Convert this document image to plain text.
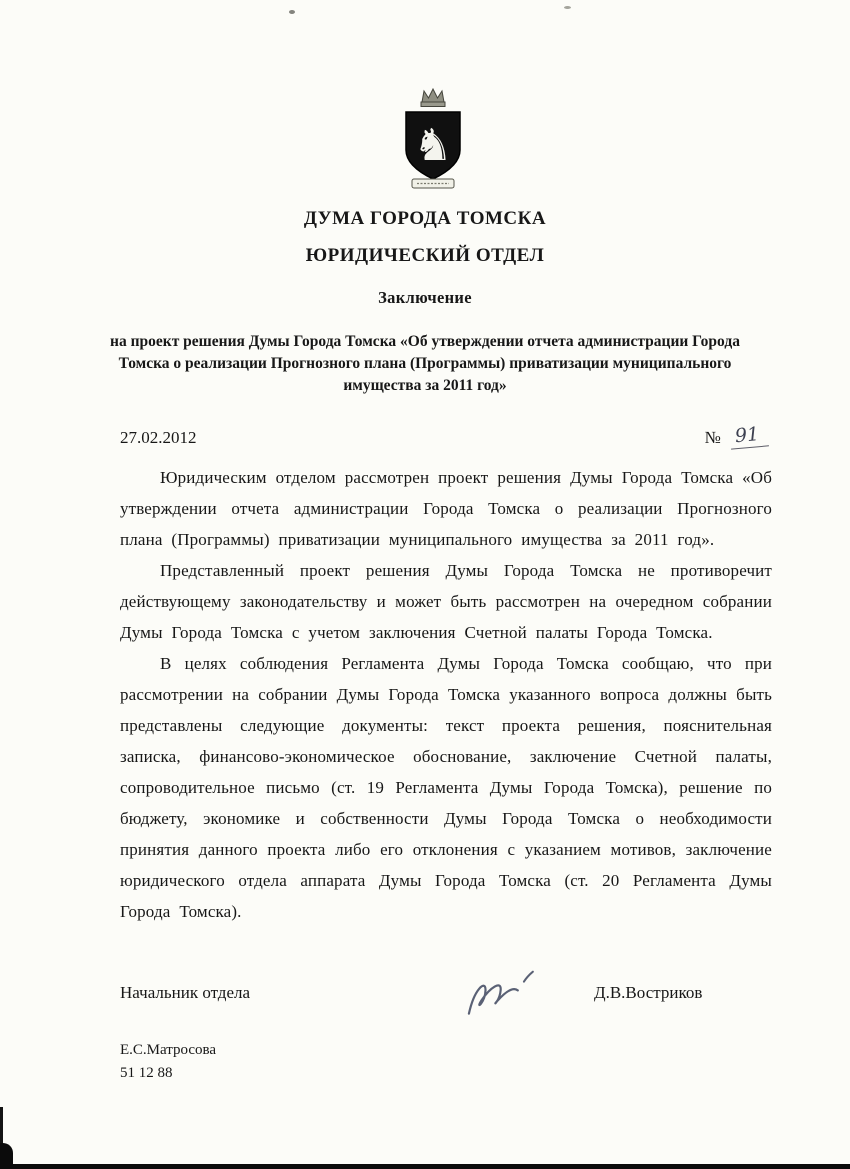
♞
ДУМА ГОРОДА ТОМСКА
ЮРИДИЧЕСКИЙ ОТДЕЛ
Заключение
на проект решения Думы Города Томска «Об утверждении отчета администрации Города Томска о реализации Прогнозного плана (Программы) приватизации муниципального имущества за 2011 год»
27.02.2012	№ 91

Юридическим отделом рассмотрен проект решения Думы Города Томска «Об утверждении отчета администрации Города Томска о реализации Прогнозного плана (Программы) приватизации муниципального имущества за 2011 год».

Представленный проект решения Думы Города Томска не противоречит действующему законодательству и может быть рассмотрен на очередном собрании Думы Города Томска с учетом заключения Счетной палаты Города Томска.

В целях соблюдения Регламента Думы Города Томска сообщаю, что при рассмотрении на собрании Думы Города Томска указанного вопроса должны быть представлены следующие документы: текст проекта решения, пояснительная записка, финансово-экономическое обоснование, заключение Счетной палаты, сопроводительное письмо (ст. 19 Регламента Думы Города Томска), решение по бюджету, экономике и собственности Думы Города Томска о необходимости принятия данного проекта либо его отклонения с указанием мотивов, заключение юридического отдела аппарата Думы Города Томска (ст. 20 Регламента Думы Города Томска).

Начальник отдела	Д.В.Востриков
Е.С.Матросова
51 12 88
